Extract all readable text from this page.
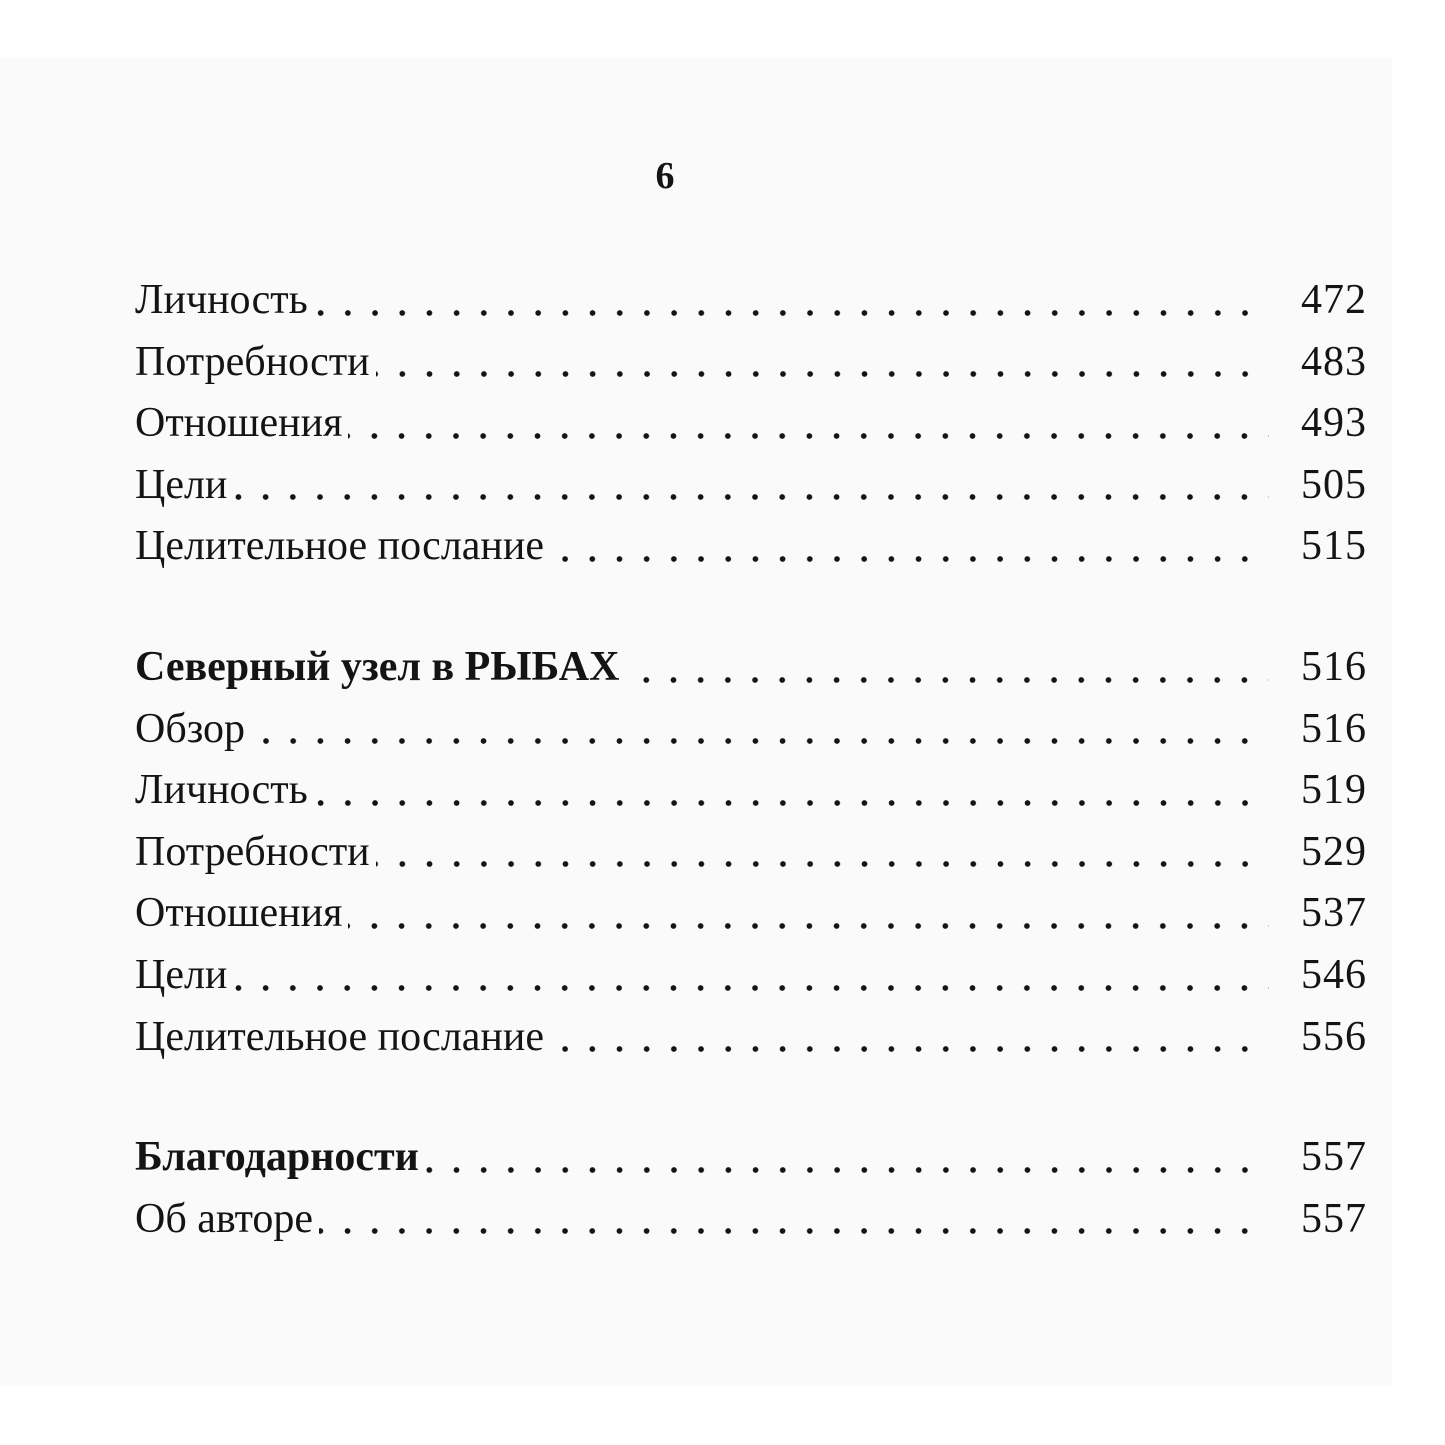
6
Личность	472
Потребности	483
Отношения	493
Цели	505
Целительное послание	515
Северный узел в РЫБАХ	516
Обзор	516
Личность	519
Потребности	529
Отношения	537
Цели	546
Целительное послание	556
Благодарности	557
Об авторе	557
